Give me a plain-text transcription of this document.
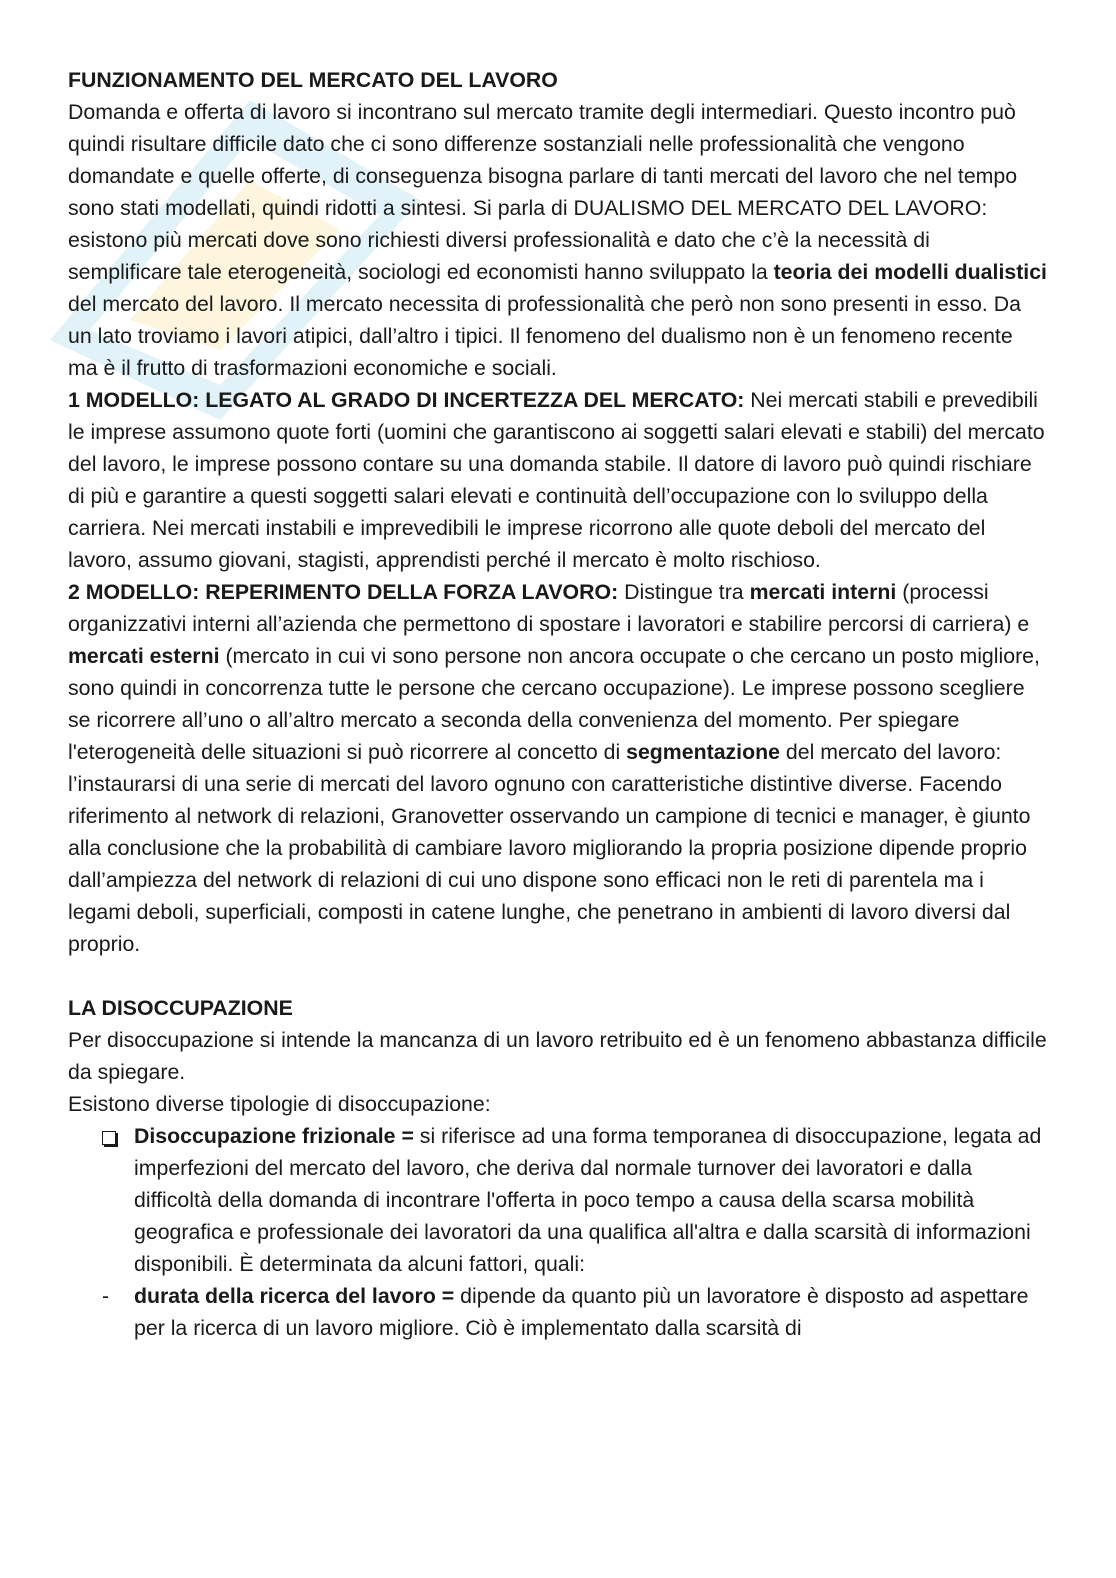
FUNZIONAMENTO DEL MERCATO DEL LAVORO

Domanda e offerta di lavoro si incontrano sul mercato tramite degli intermediari. Questo incontro può quindi risultare difficile dato che ci sono differenze sostanziali nelle professionalità che vengono domandate e quelle offerte, di conseguenza bisogna parlare di tanti mercati del lavoro che nel tempo sono stati modellati, quindi ridotti a sintesi. Si parla di DUALISMO DEL MERCATO DEL LAVORO: esistono più mercati dove sono richiesti diversi professionalità e dato che c’è la necessità di semplificare tale eterogeneità, sociologi ed economisti hanno sviluppato la teoria dei modelli dualistici del mercato del lavoro. Il mercato necessita di professionalità che però non sono presenti in esso. Da un lato troviamo i lavori atipici, dall’altro i tipici. Il fenomeno del dualismo non è un fenomeno recente ma è il frutto di trasformazioni economiche e sociali.

1 MODELLO: LEGATO AL GRADO DI INCERTEZZA DEL MERCATO: Nei mercati stabili e prevedibili le imprese assumono quote forti (uomini che garantiscono ai soggetti salari elevati e stabili) del mercato del lavoro, le imprese possono contare su una domanda stabile. Il datore di lavoro può quindi rischiare di più e garantire a questi soggetti salari elevati e continuità dell’occupazione con lo sviluppo della carriera. Nei mercati instabili e imprevedibili le imprese ricorrono alle quote deboli del mercato del lavoro, assumo giovani, stagisti, apprendisti perché il mercato è molto rischioso.

2 MODELLO: REPERIMENTO DELLA FORZA LAVORO: Distingue tra mercati interni (processi organizzativi interni all’azienda che permettono di spostare i lavoratori e stabilire percorsi di carriera) e mercati esterni (mercato in cui vi sono persone non ancora occupate o che cercano un posto migliore, sono quindi in concorrenza tutte le persone che cercano occupazione). Le imprese possono scegliere se ricorrere all’uno o all’altro mercato a seconda della convenienza del momento. Per spiegare l'eterogeneità delle situazioni si può ricorrere al concetto di segmentazione del mercato del lavoro: l’instaurarsi di una serie di mercati del lavoro ognuno con caratteristiche distintive diverse. Facendo riferimento al network di relazioni, Granovetter osservando un campione di tecnici e manager, è giunto alla conclusione che la probabilità di cambiare lavoro migliorando la propria posizione dipende proprio dall’ampiezza del network di relazioni di cui uno dispone sono efficaci non le reti di parentela ma i legami deboli, superficiali, composti in catene lunghe, che penetrano in ambienti di lavoro diversi dal proprio.

LA DISOCCUPAZIONE

Per disoccupazione si intende la mancanza di un lavoro retribuito ed è un fenomeno abbastanza difficile da spiegare.

Esistono diverse tipologie di disoccupazione:

Disoccupazione frizionale = si riferisce ad una forma temporanea di disoccupazione, legata ad imperfezioni del mercato del lavoro, che deriva dal normale turnover dei lavoratori e dalla difficoltà della domanda di incontrare l'offerta in poco tempo a causa della scarsa mobilità geografica e professionale dei lavoratori da una qualifica all'altra e dalla scarsità di informazioni disponibili. È determinata da alcuni fattori, quali:
- durata della ricerca del lavoro = dipende da quanto più un lavoratore è disposto ad aspettare per la ricerca di un lavoro migliore. Ciò è implementato dalla scarsità di
